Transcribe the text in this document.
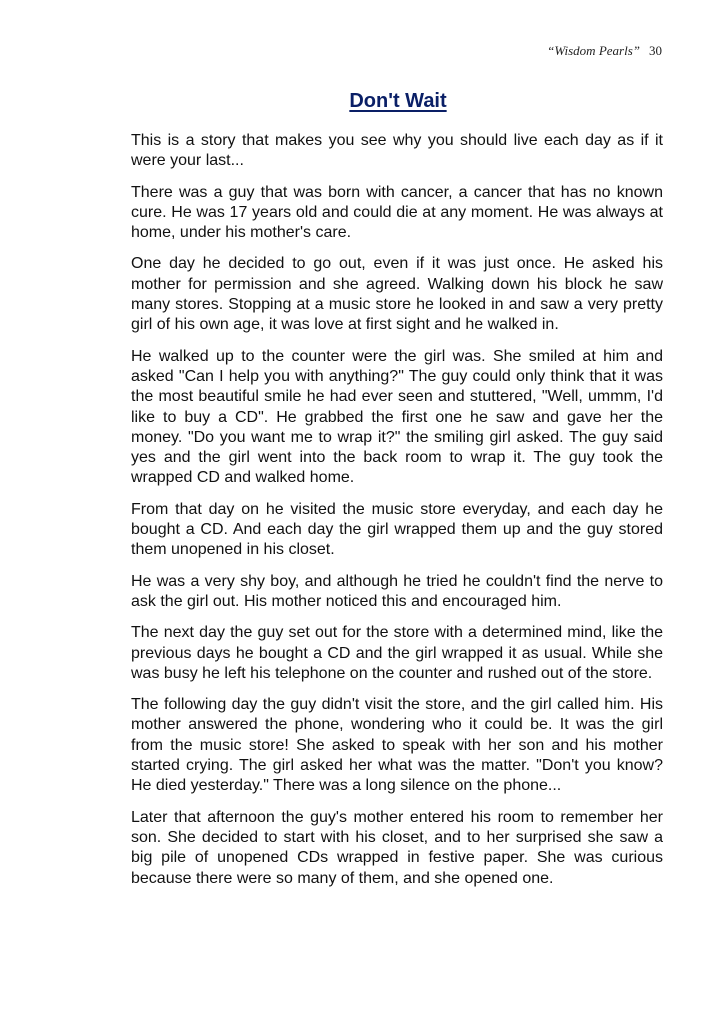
“Wisdom Pearls” 30
Don't Wait

This is a story that makes you see why you should live each day as if it were your last...

There was a guy that was born with cancer, a cancer that has no known cure. He was 17 years old and could die at any moment. He was always at home, under his mother's care.

One day he decided to go out, even if it was just once. He asked his mother for permission and she agreed. Walking down his block he saw many stores. Stopping at a music store he looked in and saw a very pretty girl of his own age, it was love at first sight and he walked in.

He walked up to the counter were the girl was. She smiled at him and asked "Can I help you with anything?" The guy could only think that it was the most beautiful smile he had ever seen and stuttered, "Well, ummm, I'd like to buy a CD". He grabbed the first one he saw and gave her the money. "Do you want me to wrap it?" the smiling girl asked. The guy said yes and the girl went into the back room to wrap it. The guy took the wrapped CD and walked home.

From that day on he visited the music store everyday, and each day he bought a CD. And each day the girl wrapped them up and the guy stored them unopened in his closet.

He was a very shy boy, and although he tried he couldn't find the nerve to ask the girl out. His mother noticed this and encouraged him.

The next day the guy set out for the store with a determined mind, like the previous days he bought a CD and the girl wrapped it as usual. While she was busy he left his telephone on the counter and rushed out of the store.

The following day the guy didn't visit the store, and the girl called him. His mother answered the phone, wondering who it could be. It was the girl from the music store! She asked to speak with her son and his mother started crying. The girl asked her what was the matter. "Don't you know? He died yesterday." There was a long silence on the phone...

Later that afternoon the guy's mother entered his room to remember her son. She decided to start with his closet, and to her surprised she saw a big pile of unopened CDs wrapped in festive paper. She was curious because there were so many of them, and she opened one.
